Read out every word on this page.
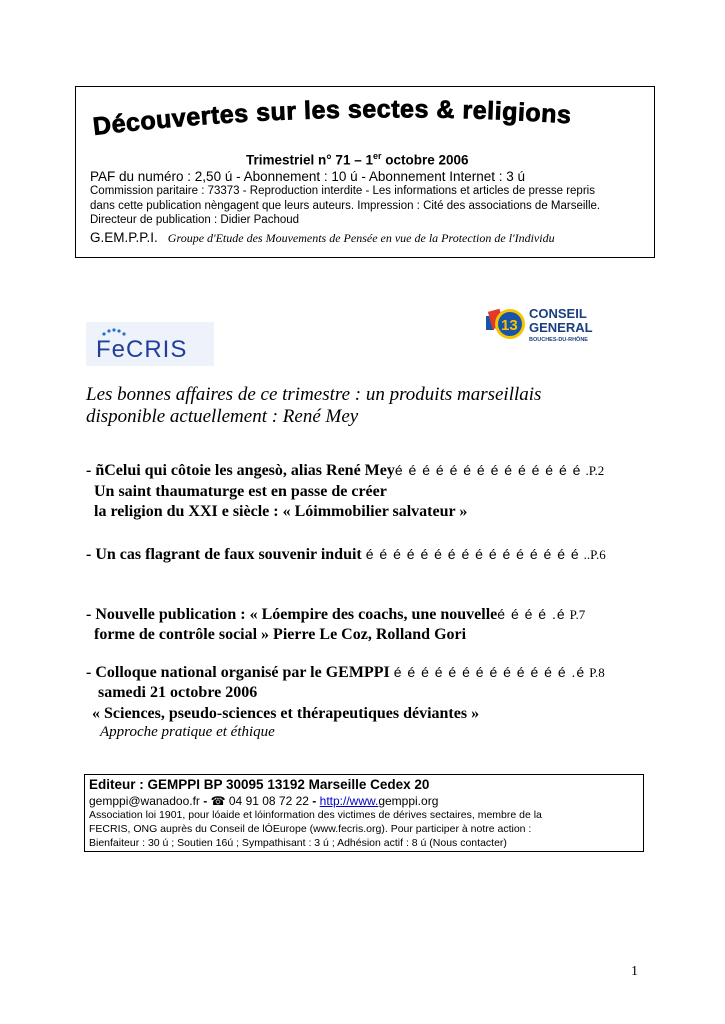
Découvertes sur les sectes & religions
Trimestriel n° 71 – 1er octobre 2006
PAF du numéro : 2,50 ú - Abonnement : 10 ú - Abonnement Internet : 3 ú
Commission paritaire : 73373 - Reproduction interdite - Les informations et articles de presse repris
dans cette publication nèngagent que leurs auteurs. Impression : Cité des associations de Marseille.
Directeur de publication : Didier Pachoud
G.EM.P.P.I. Groupe d'Etude des Mouvements de Pensée en vue de la Protection de l'Individu
FeCRIS
13
CONSEIL
GENERAL
BOUCHES-DU-RHÔNE
Les bonnes affaires de ce trimestre : un produits marseillais
disponible actuellement : René Mey
- ñCelui qui côtoie les angesò, alias René Meyé é é é é é é é é é é é é é .P.2
Un saint thaumaturge est en passe de créer
la religion du XXI e siècle : « Lóimmobilier salvateur »
- Un cas flagrant de faux souvenir induit é é é é é é é é é é é é é é é é ..P.6
- Nouvelle publication : « Lóempire des coachs, une nouvelleé é é é .é P.7
forme de contrôle social » Pierre Le Coz, Rolland Gori
- Colloque national organisé par le GEMPPI é é é é é é é é é é é é é .é P.8
samedi 21 octobre 2006
« Sciences, pseudo-sciences et thérapeutiques déviantes »
Approche pratique et éthique
Editeur : GEMPPI BP 30095 13192 Marseille Cedex 20
gemppi@wanadoo.fr - ☎ 04 91 08 72 22 - http://www.gemppi.org
Association loi 1901, pour lóaide et lóinformation des victimes de dérives sectaires, membre de la
FECRIS, ONG auprès du Conseil de lÓEurope (www.fecris.org). Pour participer à notre action :
Bienfaiteur : 30 ú ; Soutien 16ú ; Sympathisant : 3 ú ; Adhésion actif : 8 ú (Nous contacter)
1
